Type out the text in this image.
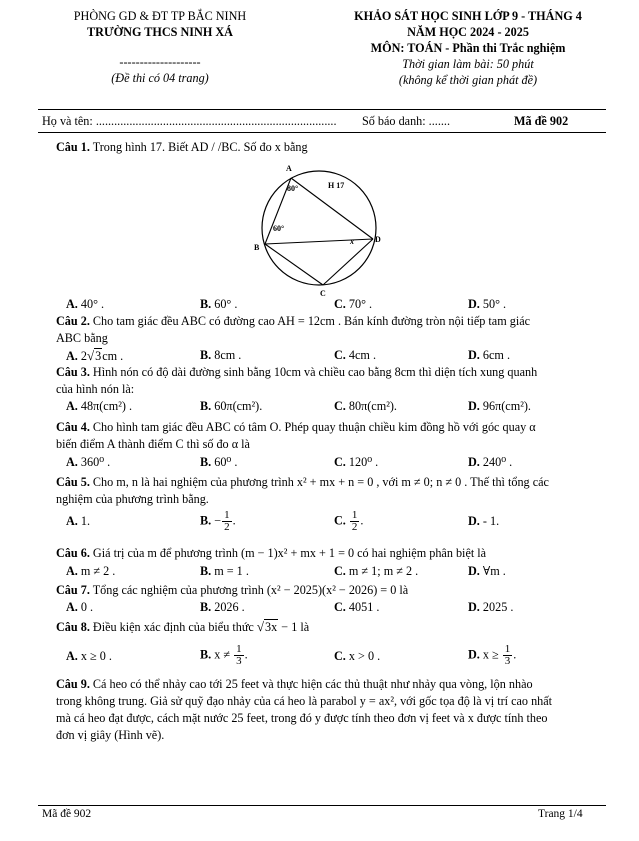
PHÒNG GD & ĐT TP BẮC NINH
TRƯỜNG THCS NINH XÁ
--------------------
(Đề thi có 04 trang)
KHẢO SÁT HỌC SINH LỚP 9 - THÁNG 4
NĂM HỌC 2024 - 2025
MÔN: TOÁN - Phần thi Trắc nghiệm
Thời gian làm bài: 50 phút
(không kể thời gian phát đề)
Họ và tên: ............................................................................... Số báo danh: .......	Mã đề 902
Câu 1. Trong hình 17. Biết AD / /BC. Số đo x bằng
A
B
C
D
80°
60°
x
H 17
A. 40° .	B. 60° .	C. 70° .	D. 50° .
Câu 2. Cho tam giác đều ABC có đường cao AH = 12cm . Bán kính đường tròn nội tiếp tam giác
ABC bằng
A. 2√3cm .	B. 8cm .	C. 4cm .	D. 6cm .
Câu 3. Hình nón có độ dài đường sinh bằng 10cm và chiều cao bằng 8cm thì diện tích xung quanh
của hình nón là:
A. 48π(cm²) .	B. 60π(cm²).	C. 80π(cm²).	D. 96π(cm²).
Câu 4. Cho hình tam giác đều ABC có tâm O. Phép quay thuận chiều kim đồng hồ với góc quay α
biến điểm A thành điểm C thì số đo α là
A. 360⁰ .	B. 60⁰ .	C. 120⁰ .	D. 240⁰ .
Câu 5. Cho m, n là hai nghiệm của phương trình x² + mx + n = 0 , với m ≠ 0; n ≠ 0 . Thế thì tổng các
nghiệm của phương trình bằng.
A. 1.	B. − $\frac{1}{2}$ .	C. $\frac{1}{2}$ .	D. - 1.
Câu 6. Giá trị của m để phương trình (m − 1)x² + mx + 1 = 0 có hai nghiệm phân biệt là
A. m ≠ 2 .	B. m = 1 .	C. m ≠ 1; m ≠ 2 .	D. ∀m .
Câu 7. Tổng các nghiệm của phương trình (x² − 2025)(x² − 2026) = 0 là
A. 0 .	B. 2026 .	C. 4051 .	D. 2025 .
Câu 8. Điều kiện xác định của biểu thức √3x − 1 là
A. x ≥ 0 .	B. $x \ne \frac{1}{3}$ .	C. x > 0 .	D. $x \ge \frac{1}{3}$ .
Câu 9. Cá heo có thể nhảy cao tới 25 feet và thực hiện các thủ thuật như nhảy qua vòng, lộn nhào
trong không trung. Giả sử quỹ đạo nhảy của cá heo là parabol y = ax², với gốc tọa độ là vị trí cao nhất
mà cá heo đạt được, cách mặt nước 25 feet, trong đó y được tính theo đơn vị feet và x được tính theo
đơn vị giây (Hình vẽ).
Mã đề 902	Trang 1/4
